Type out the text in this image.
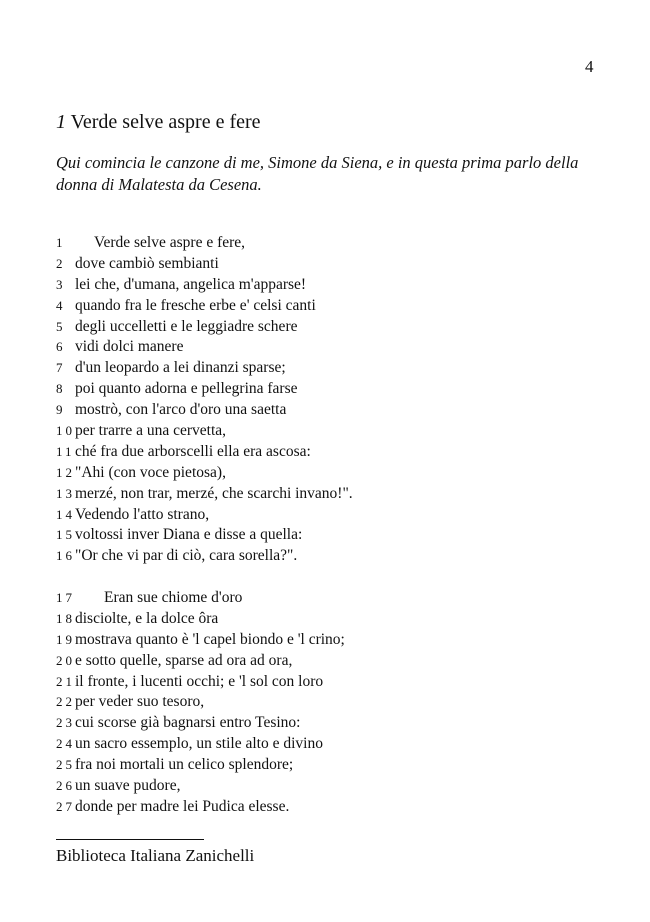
4
1 Verde selve aspre e fere
Qui comincia le canzone di me, Simone da Siena, e in questa prima parlo della donna di Malatesta da Cesena.
1 Verde selve aspre e fere,
2 dove cambiò sembianti
3 lei che, d'umana, angelica m'apparse!
4 quando fra le fresche erbe e' celsi canti
5 degli uccelletti e le leggiadre schere
6 vidi dolci manere
7 d'un leopardo a lei dinanzi sparse;
8 poi quanto adorna e pellegrina farse
9 mostrò, con l'arco d'oro una saetta
10 per trarre a una cervetta,
11 ché fra due arborscelli ella era ascosa:
12 "Ahi (con voce pietosa),
13 merzé, non trar, merzé, che scarchi invano!".
14 Vedendo l'atto strano,
15 voltossi inver Diana e disse a quella:
16 "Or che vi par di ciò, cara sorella?".
17 Eran sue chiome d'oro
18 disciolte, e la dolce ôra
19 mostrava quanto è 'l capel biondo e 'l crino;
20 e sotto quelle, sparse ad ora ad ora,
21 il fronte, i lucenti occhi; e 'l sol con loro
22 per veder suo tesoro,
23 cui scorse già bagnarsi entro Tesino:
24 un sacro essemplo, un stile alto e divino
25 fra noi mortali un celico splendore;
26 un suave pudore,
27 donde per madre lei Pudica elesse.
Biblioteca Italiana Zanichelli
